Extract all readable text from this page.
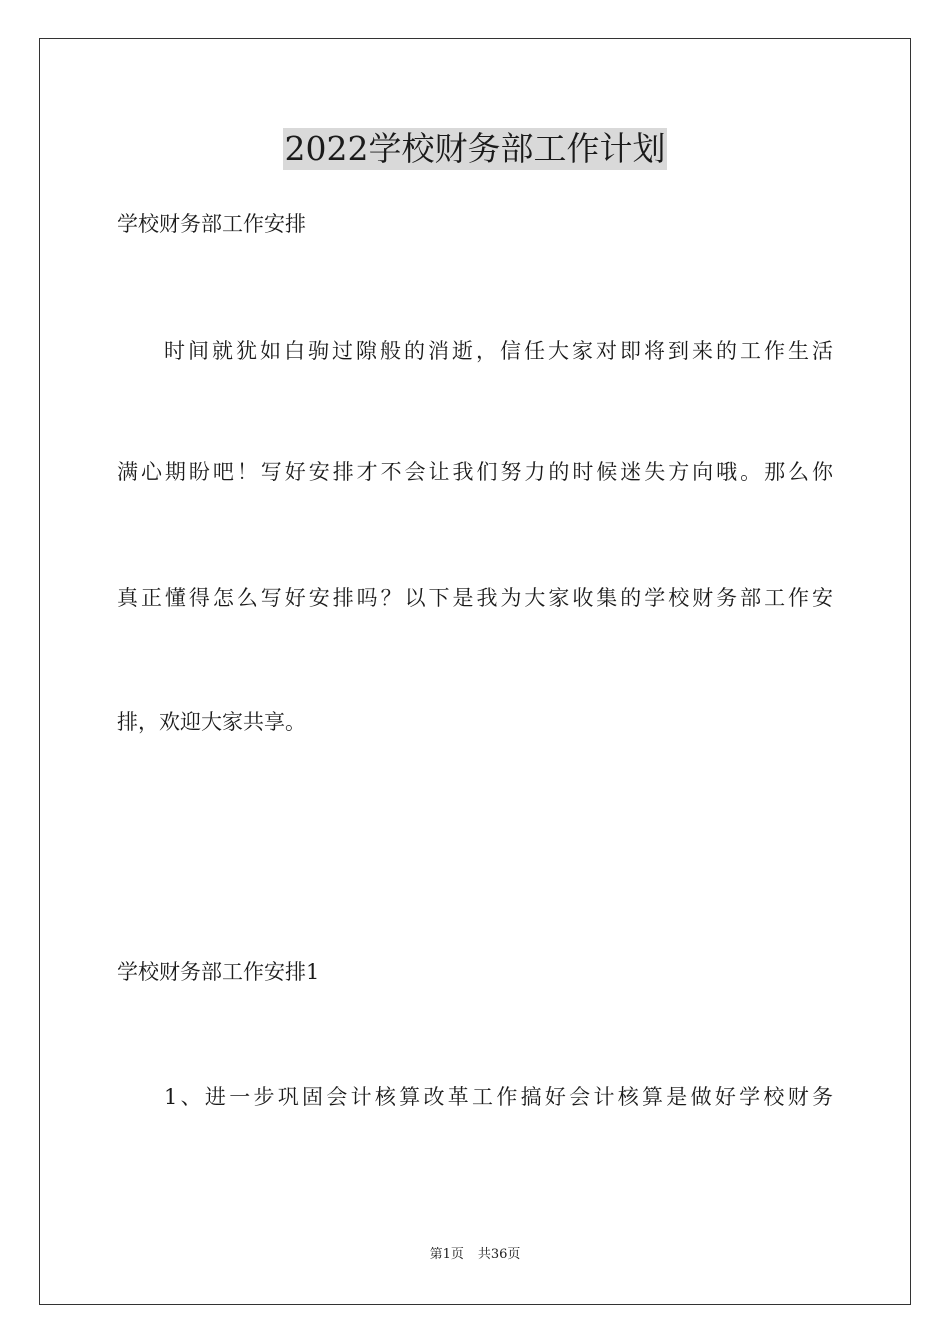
2022学校财务部工作计划
学校财务部工作安排
时间就犹如白驹过隙般的消逝，信任大家对即将到来的工作生活
满心期盼吧！写好安排才不会让我们努力的时候迷失方向哦。那么你
真正懂得怎么写好安排吗？以下是我为大家收集的学校财务部工作安
排，欢迎大家共享。
学校财务部工作安排1
1、进一步巩固会计核算改革工作搞好会计核算是做好学校财务
第1页 共36页
